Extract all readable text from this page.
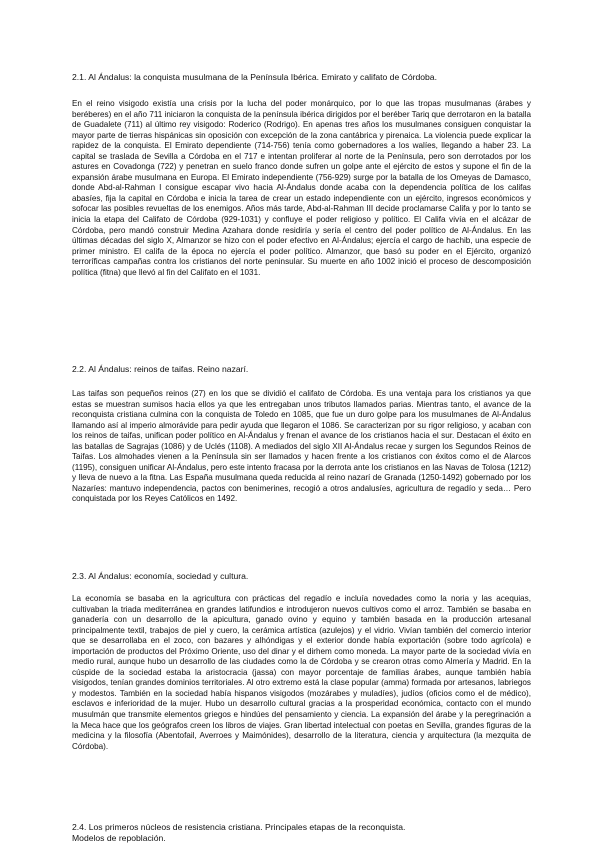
2.1. Al Ándalus: la conquista musulmana de la Península Ibérica. Emirato y califato de Córdoba.

En el reino visigodo existía una crisis por la lucha del poder monárquico, por lo que las tropas musulmanas (árabes y beréberes) en el año 711 iniciaron la conquista de la península ibérica dirigidos por el beréber Tariq que derrotaron en la batalla de Guadalete (711) al último rey visigodo: Roderico (Rodrigo). En apenas tres años los musulmanes consiguen conquistar la mayor parte de tierras hispánicas sin oposición con excepción de la zona cantábrica y pirenaica. La violencia puede explicar la rapidez de la conquista. El Emirato dependiente (714-756) tenía como gobernadores a los walíes, llegando a haber 23. La capital se traslada de Sevilla a Córdoba en el 717 e intentan proliferar al norte de la Península, pero son derrotados por los astures en Covadonga (722) y penetran en suelo franco donde sufren un golpe ante el ejército de estos y supone el fin de la expansión árabe musulmana en Europa. El Emirato independiente (756-929) surge por la batalla de los Omeyas de Damasco, donde Abd-al-Rahman I consigue escapar vivo hacia Al-Ándalus donde acaba con la dependencia política de los califas abasíes, fija la capital en Córdoba e inicia la tarea de crear un estado independiente con un ejército, ingresos económicos y sofocar las posibles revueltas de los enemigos. Años más tarde, Abd-al-Rahman III decide proclamarse Califa y por lo tanto se inicia la etapa del Califato de Córdoba (929-1031) y confluye el poder religioso y político. El Califa vivía en el alcázar de Córdoba, pero mandó construir Medina Azahara donde residiría y sería el centro del poder político de Al-Ándalus. En las últimas décadas del siglo X, Almanzor se hizo con el poder efectivo en Al-Ándalus; ejercía el cargo de hachib, una especie de primer ministro. El califa de la época no ejercía el poder político. Almanzor, que basó su poder en el Ejército, organizó terroríficas campañas contra los cristianos del norte peninsular. Su muerte en año 1002 inició el proceso de descomposición política (fitna) que llevó al fin del Califato en el 1031.

2.2. Al Ándalus: reinos de taifas. Reino nazarí.

Las taifas son pequeños reinos (27) en los que se dividió el califato de Córdoba. Es una ventaja para los cristianos ya que estas se muestran sumisos hacia ellos ya que les entregaban unos tributos llamados parias. Mientras tanto, el avance de la reconquista cristiana culmina con la conquista de Toledo en 1085, que fue un duro golpe para los musulmanes de Al-Ándalus llamando así al imperio almorávide para pedir ayuda que llegaron el 1086. Se caracterizan por su rigor religioso, y acaban con los reinos de taifas, unifican poder político en Al-Ándalus y frenan el avance de los cristianos hacia el sur. Destacan el éxito en las batallas de Sagrajas (1086) y de Uclés (1108). A mediados del siglo XII Al-Ándalus recae y surgen los Segundos Reinos de Taifas. Los almohades vienen a la Península sin ser llamados y hacen frente a los cristianos con éxitos como el de Alarcos (1195), consiguen unificar Al-Ándalus, pero este intento fracasa por la derrota ante los cristianos en las Navas de Tolosa (1212) y lleva de nuevo a la fitna. Las España musulmana queda reducida al reino nazarí de Granada (1250-1492) gobernado por los Nazaríes: mantuvo independencia, pactos con benimerines, recogió a otros andalusíes, agricultura de regadío y seda… Pero conquistada por los Reyes Católicos en 1492.

2.3. Al Ándalus: economía, sociedad y cultura.

La economía se basaba en la agricultura con prácticas del regadío e incluía novedades como la noria y las acequias, cultivaban la triada mediterránea en grandes latifundios e introdujeron nuevos cultivos como el arroz. También se basaba en ganadería con un desarrollo de la apicultura, ganado ovino y equino y también basada en la producción artesanal principalmente textil, trabajos de piel y cuero, la cerámica artística (azulejos) y el vidrio. Vivían también del comercio interior que se desarrollaba en el zoco, con bazares y alhóndigas y el exterior donde había exportación (sobre todo agrícola) e importación de productos del Próximo Oriente, uso del dinar y el dirhem como moneda. La mayor parte de la sociedad vivía en medio rural, aunque hubo un desarrollo de las ciudades como la de Córdoba y se crearon otras como Almería y Madrid. En la cúspide de la sociedad estaba la aristocracia (jassa) con mayor porcentaje de familias árabes, aunque también había visigodos, tenían grandes dominios territoriales. Al otro extremo está la clase popular (amma) formada por artesanos, labriegos y modestos. También en la sociedad había hispanos visigodos (mozárabes y muladíes), judíos (oficios como el de médico), esclavos e inferioridad de la mujer. Hubo un desarrollo cultural gracias a la prosperidad económica, contacto con el mundo musulmán que transmite elementos griegos e hindúes del pensamiento y ciencia. La expansión del árabe y la peregrinación a la Meca hace que los geógrafos creen los libros de viajes. Gran libertad intelectual con poetas en Sevilla, grandes figuras de la medicina y la filosofía (Abentofail, Averroes y Maimónides), desarrollo de la literatura, ciencia y arquitectura (la mezquita de Córdoba).

2.4. Los primeros núcleos de resistencia cristiana. Principales etapas de la reconquista. Modelos de repoblación.
